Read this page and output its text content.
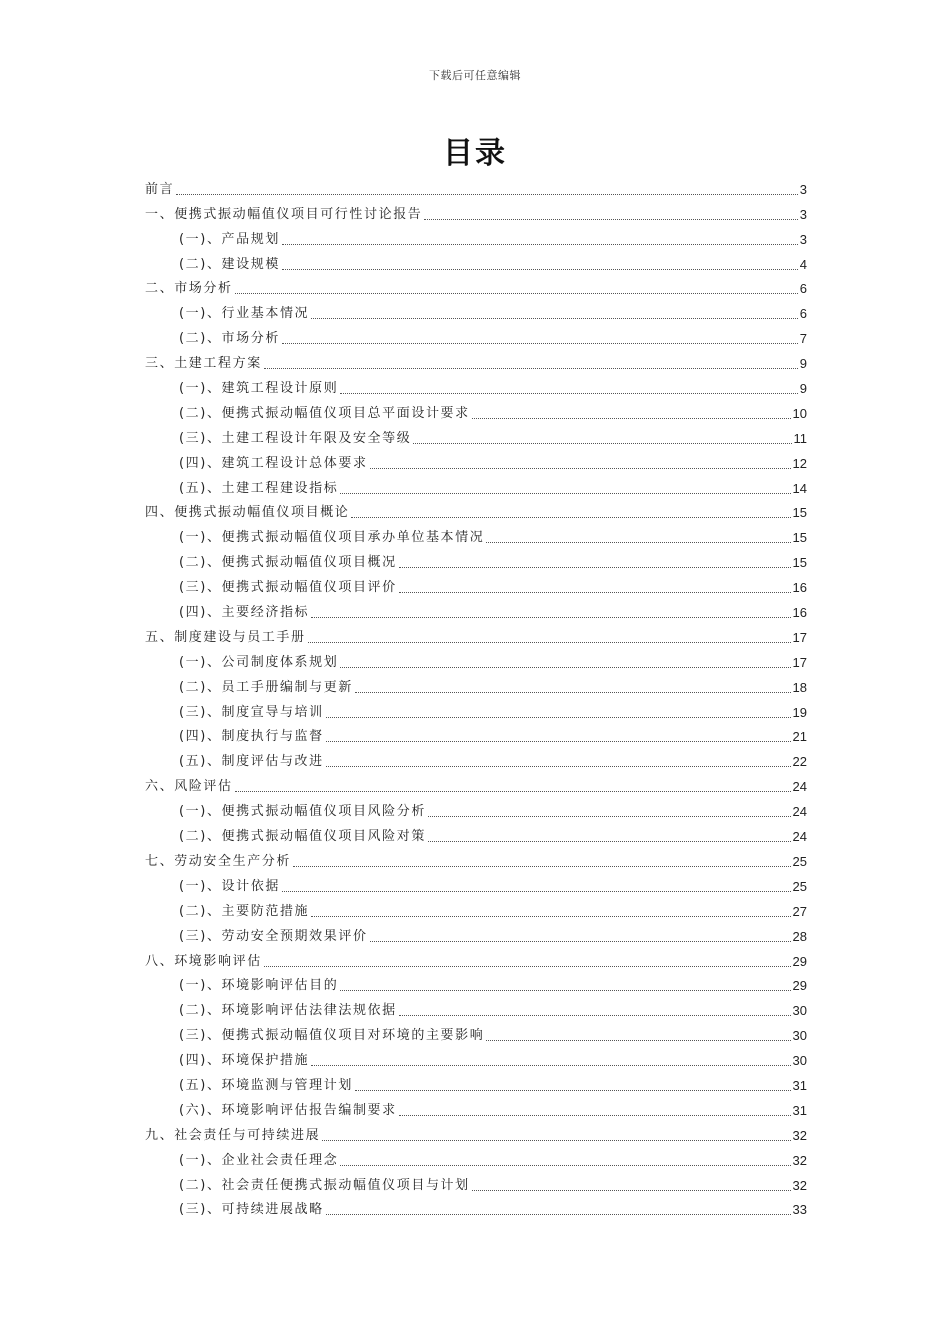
下载后可任意编辑
目录
前言	3
一、便携式振动幅值仪项目可行性讨论报告	3
(一)、产品规划	3
(二)、建设规模	4
二、市场分析	6
(一)、行业基本情况	6
(二)、市场分析	7
三、土建工程方案	9
(一)、建筑工程设计原则	9
(二)、便携式振动幅值仪项目总平面设计要求	10
(三)、土建工程设计年限及安全等级	11
(四)、建筑工程设计总体要求	12
(五)、土建工程建设指标	14
四、便携式振动幅值仪项目概论	15
(一)、便携式振动幅值仪项目承办单位基本情况	15
(二)、便携式振动幅值仪项目概况	15
(三)、便携式振动幅值仪项目评价	16
(四)、主要经济指标	16
五、制度建设与员工手册	17
(一)、公司制度体系规划	17
(二)、员工手册编制与更新	18
(三)、制度宣导与培训	19
(四)、制度执行与监督	21
(五)、制度评估与改进	22
六、风险评估	24
(一)、便携式振动幅值仪项目风险分析	24
(二)、便携式振动幅值仪项目风险对策	24
七、劳动安全生产分析	25
(一)、设计依据	25
(二)、主要防范措施	27
(三)、劳动安全预期效果评价	28
八、环境影响评估	29
(一)、环境影响评估目的	29
(二)、环境影响评估法律法规依据	30
(三)、便携式振动幅值仪项目对环境的主要影响	30
(四)、环境保护措施	30
(五)、环境监测与管理计划	31
(六)、环境影响评估报告编制要求	31
九、社会责任与可持续进展	32
(一)、企业社会责任理念	32
(二)、社会责任便携式振动幅值仪项目与计划	32
(三)、可持续进展战略	33
